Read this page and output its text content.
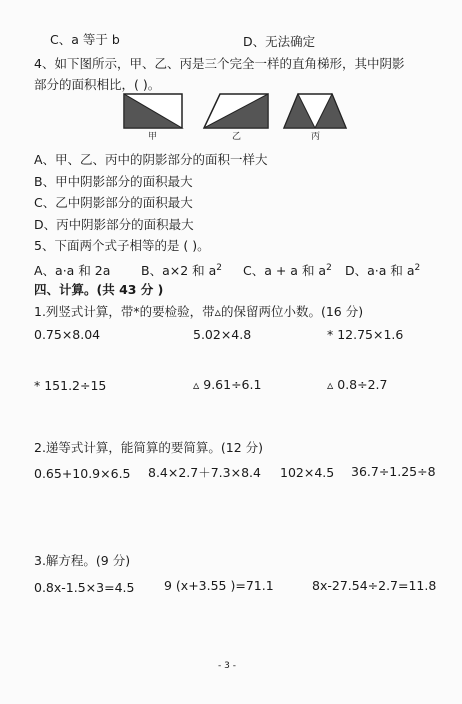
C、a 等于 b	D、无法确定
4、如下图所示，甲、乙、丙是三个完全一样的直角梯形，其中阴影
部分的面积相比，( )。
甲	乙	丙
A、甲、乙、丙中的阴影部分的面积一样大
B、甲中阴影部分的面积最大
C、乙中阴影部分的面积最大
D、丙中阴影部分的面积最大
5、下面两个式子相等的是 ( )。
A、a·a 和 2a B、a×2 和 $a^2$ C、a + a 和 $a^2$ D、a·a 和 $a^2$
四、计算。(共 43 分 )
1.列竖式计算，带*的要检验，带▵的保留两位小数。(16 分)
0.75×8.04	5.02×4.8	* 12.75×1.6
* 151.2÷15	▵ 9.61÷6.1	▵ 0.8÷2.7
2.递等式计算，能简算的要简算。(12 分)
0.65+10.9×6.5 8.4×2.7＋7.3×8.4 102×4.5 36.7÷1.25÷8
3.解方程。(9 分)
0.8x-1.5×3=4.5 9 (x+3.55 )=71.1	8x-27.54÷2.7=11.8
- 3 -
